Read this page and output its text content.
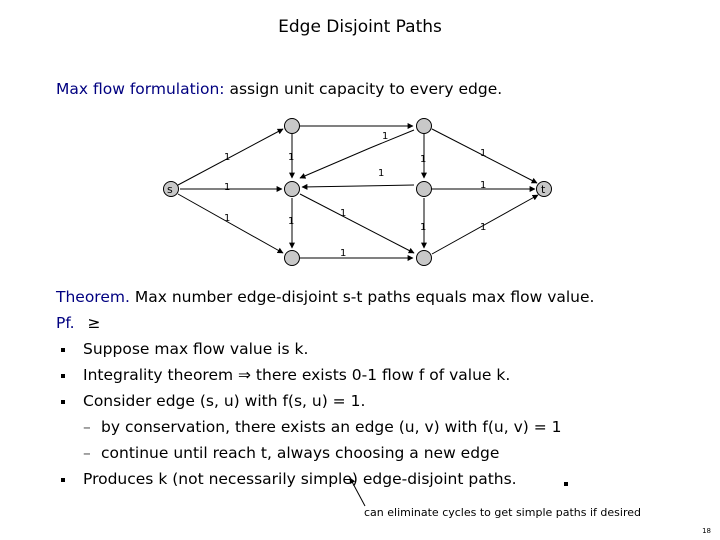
Edge Disjoint Paths
Max flow formulation: assign unit capacity to every edge.
s	t
1
1
1
1
1
1
1
1
1
1
1
1
1
1
Theorem. Max number edge-disjoint s-t paths equals max flow value.
Pf. ≥
Suppose max flow value is k.
Integrality theorem ⇒ there exists 0-1 flow f of value k.
Consider edge (s, u) with f(s, u) = 1.
– by conservation, there exists an edge (u, v) with f(u, v) = 1
– continue until reach t, always choosing a new edge
Produces k (not necessarily simple) edge-disjoint paths.
can eliminate cycles to get simple paths if desired
18
